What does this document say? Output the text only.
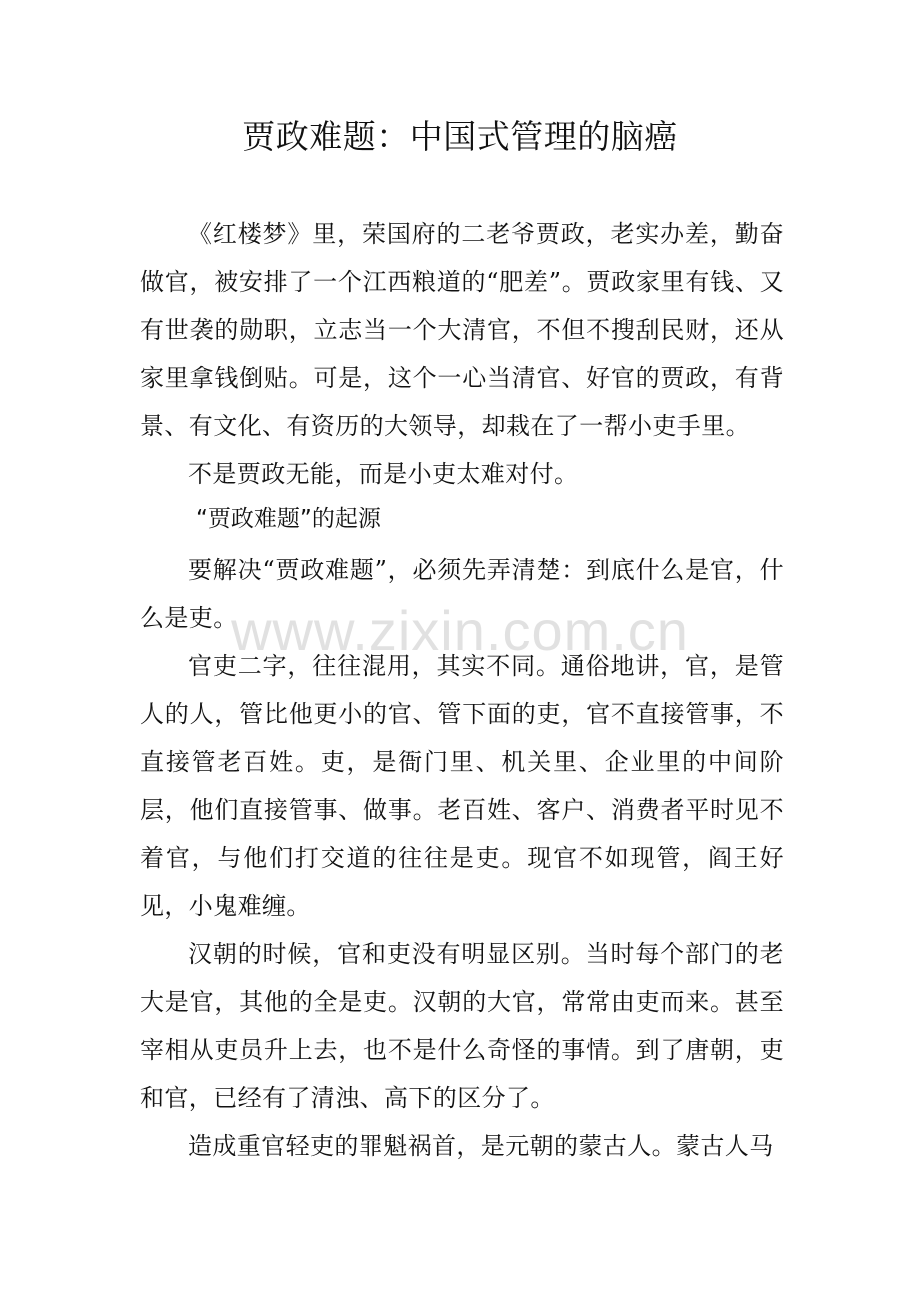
贾政难题：中国式管理的脑癌

《红楼梦》里，荣国府的二老爷贾政，老实办差，勤奋做官，被安排了一个江西粮道的“肥差”。贾政家里有钱、又有世袭的勋职，立志当一个大清官，不但不搜刮民财，还从家里拿钱倒贴。可是，这个一心当清官、好官的贾政，有背景、有文化、有资历的大领导，却栽在了一帮小吏手里。

不是贾政无能，而是小吏太难对付。

“贾政难题”的起源

要解决“贾政难题”，必须先弄清楚：到底什么是官，什么是吏。

官吏二字，往往混用，其实不同。通俗地讲，官，是管人的人，管比他更小的官、管下面的吏，官不直接管事，不直接管老百姓。吏，是衙门里、机关里、企业里的中间阶层，他们直接管事、做事。老百姓、客户、消费者平时见不着官，与他们打交道的往往是吏。现官不如现管，阎王好见，小鬼难缠。

汉朝的时候，官和吏没有明显区别。当时每个部门的老大是官，其他的全是吏。汉朝的大官，常常由吏而来。甚至宰相从吏员升上去，也不是什么奇怪的事情。到了唐朝，吏和官，已经有了清浊、高下的区分了。

造成重官轻吏的罪魁祸首，是元朝的蒙古人。蒙古人马

www.zixin.com.cn
